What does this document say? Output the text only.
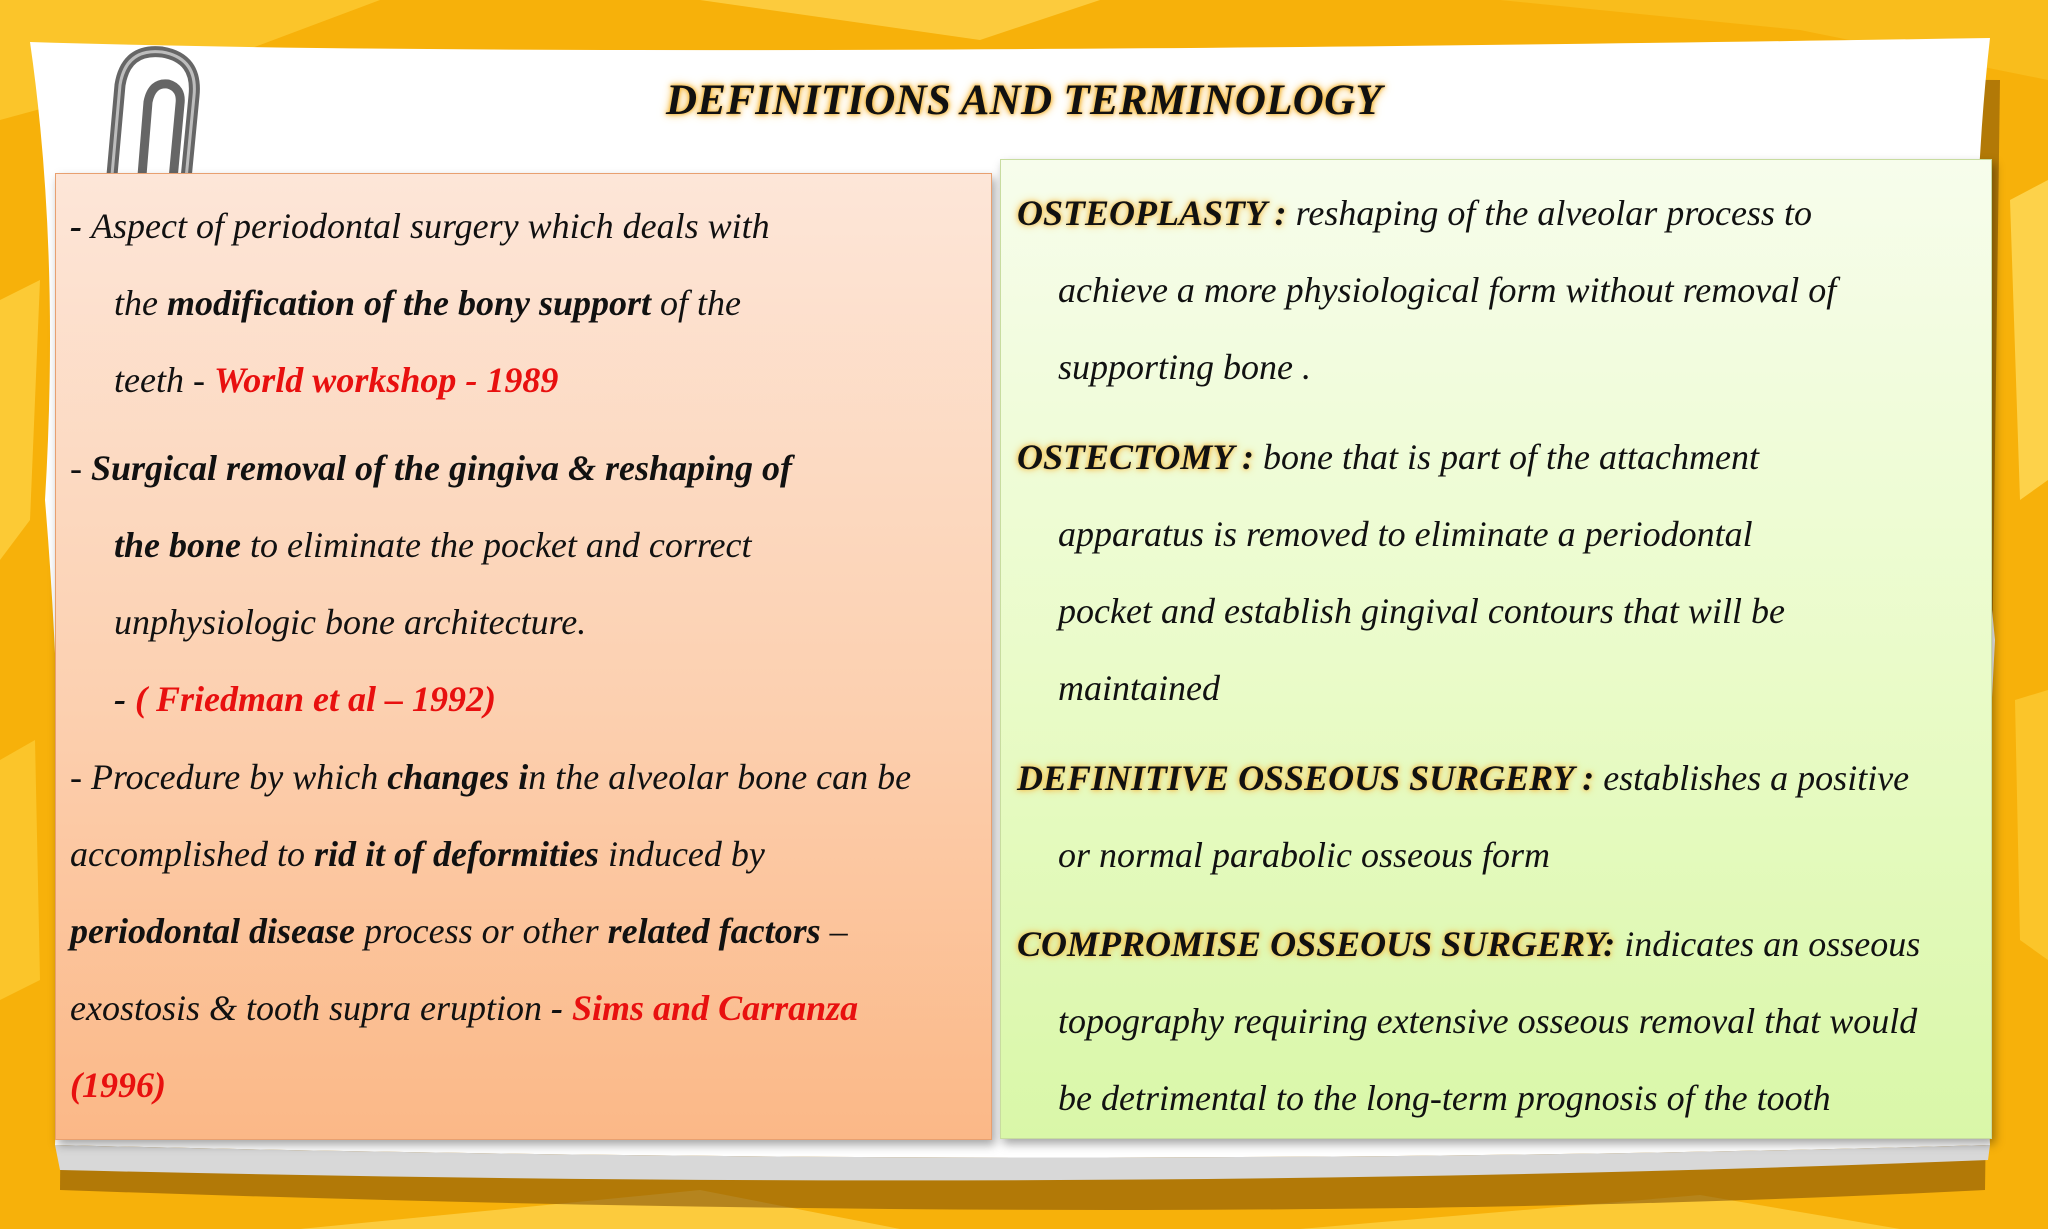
DEFINITIONS AND TERMINOLOGY
- Aspect of periodontal surgery which deals with
the modification of the bony support of the
teeth - World workshop - 1989
- Surgical removal of the gingiva & reshaping of
the bone to eliminate the pocket and correct
unphysiologic bone architecture.
- ( Friedman et al – 1992)
- Procedure by which changes in the alveolar bone can be
accomplished to rid it of deformities induced by
periodontal disease process or other related factors –
exostosis & tooth supra eruption - Sims and Carranza
(1996)
OSTEOPLASTY : reshaping of the alveolar process to
achieve a more physiological form without removal of
supporting bone .
OSTECTOMY : bone that is part of the attachment
apparatus is removed to eliminate a periodontal
pocket and establish gingival contours that will be
maintained
DEFINITIVE OSSEOUS SURGERY : establishes a positive
or normal parabolic osseous form
COMPROMISE OSSEOUS SURGERY: indicates an osseous
topography requiring extensive osseous removal that would
be detrimental to the long-term prognosis of the tooth
